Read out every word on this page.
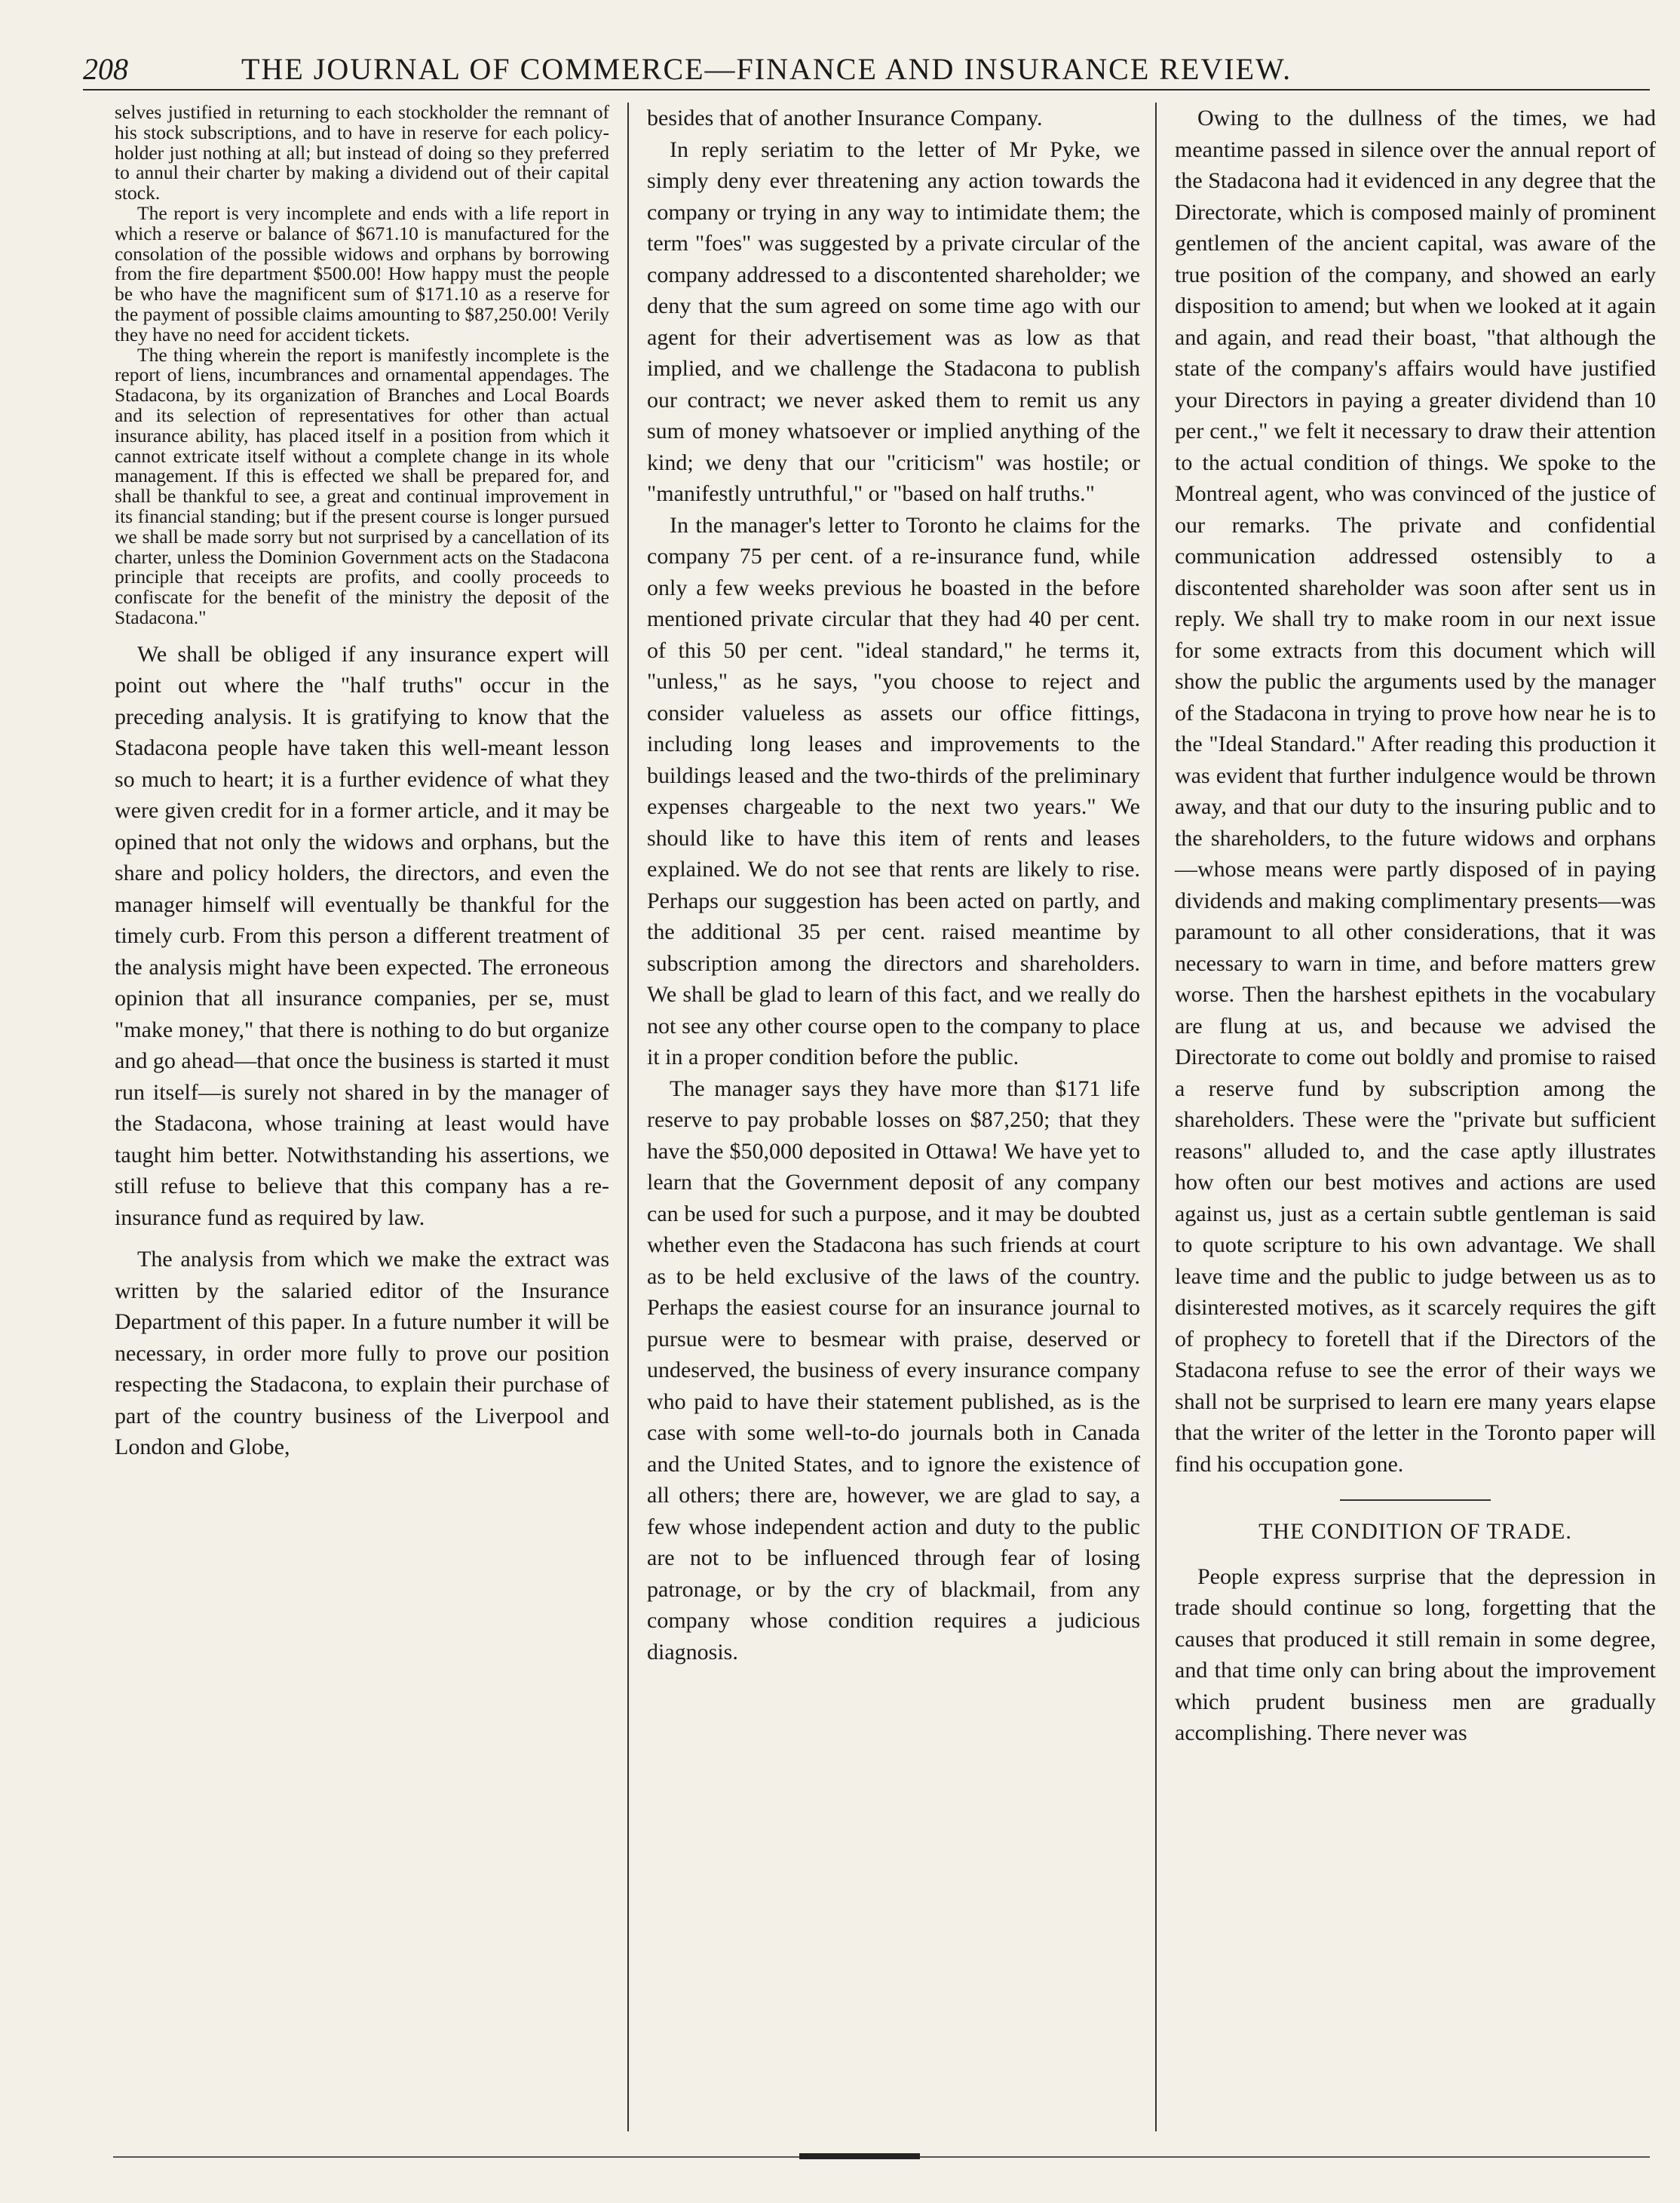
208	THE JOURNAL OF COMMERCE—FINANCE AND INSURANCE REVIEW.

selves justified in returning to each stockholder the remnant of his stock subscriptions, and to have in reserve for each policy-holder just nothing at all; but instead of doing so they preferred to annul their charter by making a dividend out of their capital stock.

The report is very incomplete and ends with a life report in which a reserve or balance of $671.10 is manufactured for the consolation of the possible widows and orphans by borrowing from the fire department $500.00! How happy must the people be who have the magnificent sum of $171.10 as a reserve for the payment of possible claims amounting to $87,250.00! Verily they have no need for accident tickets.

The thing wherein the report is manifestly incomplete is the report of liens, incumbrances and ornamental appendages. The Stadacona, by its organization of Branches and Local Boards and its selection of representatives for other than actual insurance ability, has placed itself in a position from which it cannot extricate itself without a complete change in its whole management. If this is effected we shall be prepared for, and shall be thankful to see, a great and continual improvement in its financial standing; but if the present course is longer pursued we shall be made sorry but not surprised by a cancellation of its charter, unless the Dominion Government acts on the Stadacona principle that receipts are profits, and coolly proceeds to confiscate for the benefit of the ministry the deposit of the Stadacona."

We shall be obliged if any insurance expert will point out where the "half truths" occur in the preceding analysis. It is gratifying to know that the Stadacona people have taken this well-meant lesson so much to heart; it is a further evidence of what they were given credit for in a former article, and it may be opined that not only the widows and orphans, but the share and policy holders, the directors, and even the manager himself will eventually be thankful for the timely curb. From this person a different treatment of the analysis might have been expected. The erroneous opinion that all insurance companies, per se, must "make money," that there is nothing to do but organize and go ahead—that once the business is started it must run itself—is surely not shared in by the manager of the Stadacona, whose training at least would have taught him better. Notwithstanding his assertions, we still refuse to believe that this company has a re-insurance fund as required by law.

The analysis from which we make the extract was written by the salaried editor of the Insurance Department of this paper. In a future number it will be necessary, in order more fully to prove our position respecting the Stadacona, to explain their purchase of part of the country business of the Liverpool and London and Globe,

besides that of another Insurance Company.

In reply seriatim to the letter of Mr Pyke, we simply deny ever threatening any action towards the company or trying in any way to intimidate them; the term "foes" was suggested by a private circular of the company addressed to a discontented shareholder; we deny that the sum agreed on some time ago with our agent for their advertisement was as low as that implied, and we challenge the Stadacona to publish our contract; we never asked them to remit us any sum of money whatsoever or implied anything of the kind; we deny that our "criticism" was hostile; or "manifestly untruthful," or "based on half truths."

In the manager's letter to Toronto he claims for the company 75 per cent. of a re-insurance fund, while only a few weeks previous he boasted in the before mentioned private circular that they had 40 per cent. of this 50 per cent. "ideal standard," he terms it, "unless," as he says, "you choose to reject and consider valueless as assets our office fittings, including long leases and improvements to the buildings leased and the two-thirds of the preliminary expenses chargeable to the next two years." We should like to have this item of rents and leases explained. We do not see that rents are likely to rise. Perhaps our suggestion has been acted on partly, and the additional 35 per cent. raised meantime by subscription among the directors and shareholders. We shall be glad to learn of this fact, and we really do not see any other course open to the company to place it in a proper condition before the public.

The manager says they have more than $171 life reserve to pay probable losses on $87,250; that they have the $50,000 deposited in Ottawa! We have yet to learn that the Government deposit of any company can be used for such a purpose, and it may be doubted whether even the Stadacona has such friends at court as to be held exclusive of the laws of the country. Perhaps the easiest course for an insurance journal to pursue were to besmear with praise, deserved or undeserved, the business of every insurance company who paid to have their statement published, as is the case with some well-to-do journals both in Canada and the United States, and to ignore the existence of all others; there are, however, we are glad to say, a few whose independent action and duty to the public are not to be influenced through fear of losing patronage, or by the cry of blackmail, from any company whose condition requires a judicious diagnosis.

Owing to the dullness of the times, we had meantime passed in silence over the annual report of the Stadacona had it evidenced in any degree that the Directorate, which is composed mainly of prominent gentlemen of the ancient capital, was aware of the true position of the company, and showed an early disposition to amend; but when we looked at it again and again, and read their boast, "that although the state of the company's affairs would have justified your Directors in paying a greater dividend than 10 per cent.," we felt it necessary to draw their attention to the actual condition of things. We spoke to the Montreal agent, who was convinced of the justice of our remarks. The private and confidential communication addressed ostensibly to a discontented shareholder was soon after sent us in reply. We shall try to make room in our next issue for some extracts from this document which will show the public the arguments used by the manager of the Stadacona in trying to prove how near he is to the "Ideal Standard." After reading this production it was evident that further indulgence would be thrown away, and that our duty to the insuring public and to the shareholders, to the future widows and orphans—whose means were partly disposed of in paying dividends and making complimentary presents—was paramount to all other considerations, that it was necessary to warn in time, and before matters grew worse. Then the harshest epithets in the vocabulary are flung at us, and because we advised the Directorate to come out boldly and promise to raised a reserve fund by subscription among the shareholders. These were the "private but sufficient reasons" alluded to, and the case aptly illustrates how often our best motives and actions are used against us, just as a certain subtle gentleman is said to quote scripture to his own advantage. We shall leave time and the public to judge between us as to disinterested motives, as it scarcely requires the gift of prophecy to foretell that if the Directors of the Stadacona refuse to see the error of their ways we shall not be surprised to learn ere many years elapse that the writer of the letter in the Toronto paper will find his occupation gone.

THE CONDITION OF TRADE.

People express surprise that the depression in trade should continue so long, forgetting that the causes that produced it still remain in some degree, and that time only can bring about the improvement which prudent business men are gradually accomplishing. There never was
